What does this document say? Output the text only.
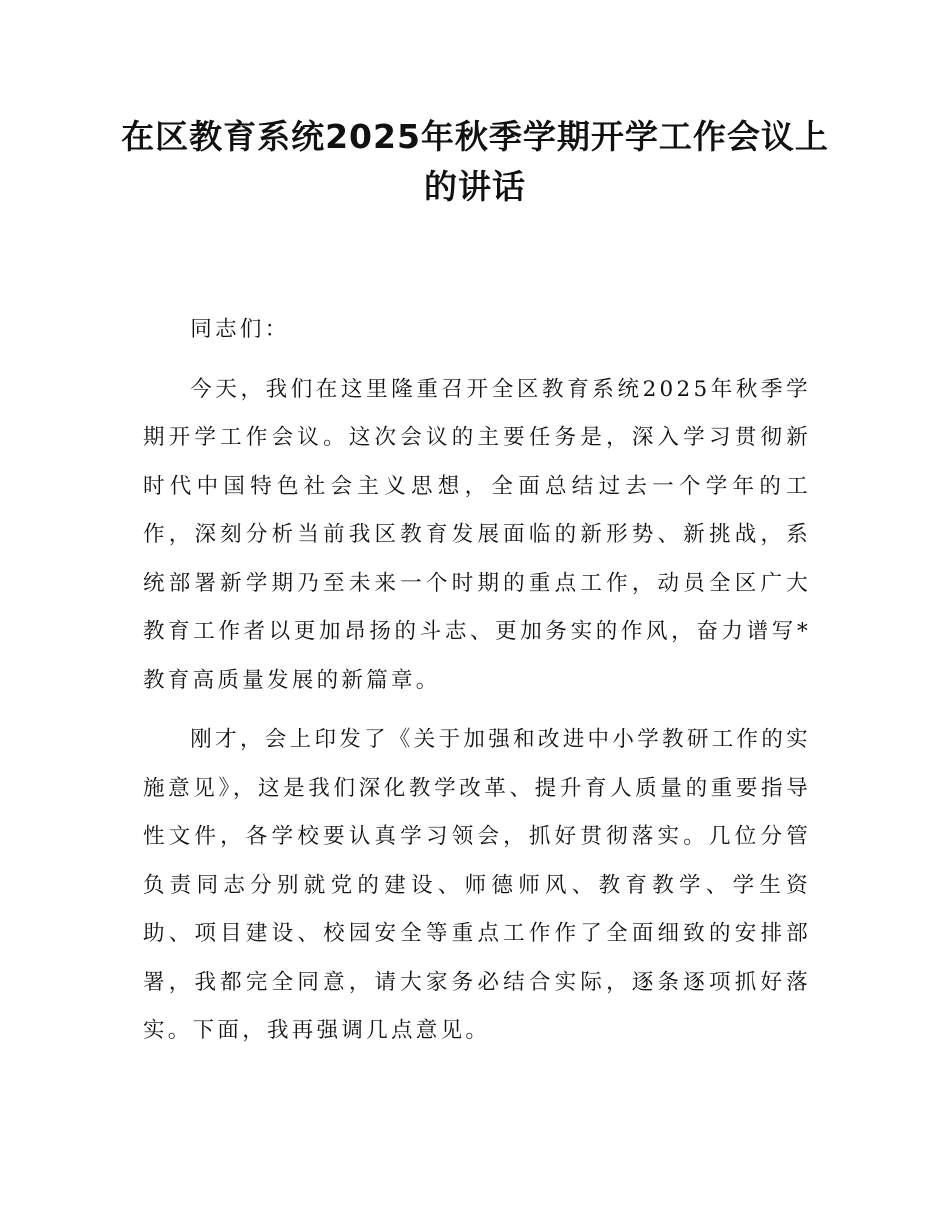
在区教育系统2025年秋季学期开学工作会议上的讲话

同志们：

今天，我们在这里隆重召开全区教育系统2025年秋季学期开学工作会议。这次会议的主要任务是，深入学习贯彻新时代中国特色社会主义思想，全面总结过去一个学年的工作，深刻分析当前我区教育发展面临的新形势、新挑战，系统部署新学期乃至未来一个时期的重点工作，动员全区广大教育工作者以更加昂扬的斗志、更加务实的作风，奋力谱写*教育高质量发展的新篇章。

刚才，会上印发了《关于加强和改进中小学教研工作的实施意见》，这是我们深化教学改革、提升育人质量的重要指导性文件，各学校要认真学习领会，抓好贯彻落实。几位分管负责同志分别就党的建设、师德师风、教育教学、学生资助、项目建设、校园安全等重点工作作了全面细致的安排部署，我都完全同意，请大家务必结合实际，逐条逐项抓好落实。下面，我再强调几点意见。
